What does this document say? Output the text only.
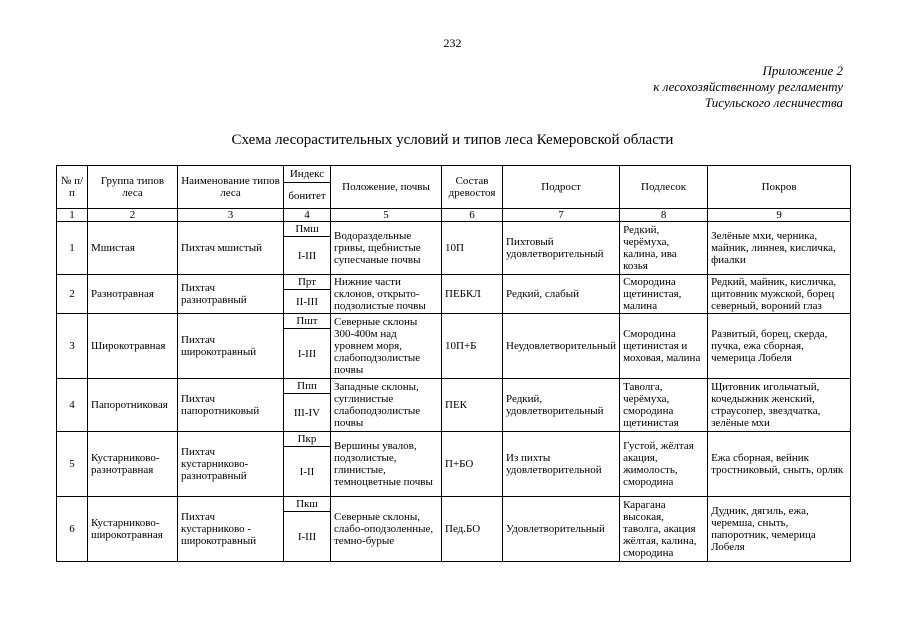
232
Приложение 2
к лесохозяйственному регламенту
Тисульского лесничества
Схема лесорастительных условий и типов леса Кемеровской области
№ п/п	Группа типов леса	Наименование типов леса	Индекс	Положение, почвы	Состав древостоя	Подрост	Подлесок	Покров
			бонитет					
1	2	3	4	5	6	7	8	9
1	Мшистая	Пихтач мшистый	Пмш	Водораздельные гривы, щебнистые супесчаные почвы	10П	Пихтовый удовлетворительный	Редкий, черёмуха, калина, ива козья	Зелёные мхи, черника, майник, линнея, кисличка, фиалки
			I-III					
2	Разнотравная	Пихтач разнотравный	Прт	Нижние части склонов, открыто-подзолистые почвы	ПЕБКЛ	Редкий, слабый	Смородина щетинистая, малина	Редкий, майник, кисличка, щитовник мужской, борец северный, вороний глаз
			II-III					
3	Широкотравная	Пихтач широкотравный	Пшт	Северные склоны 300-400м над уровнем моря, слабоподзолистые почвы	10П+Б	Неудовлетворительный	Смородина щетинистая и моховая, малина	Развитый, борец, скерда, пучка, ежа сборная, чемерица Лобеля
			I-III					
4	Папоротниковая	Пихтач папоротниковый	Ппп	Западные склоны, суглинистые слабоподзолистые почвы	ПЕК	Редкий, удовлетворительный	Таволга, черёмуха, смородина щетинистая	Щитовник игольчатый, кочедыжник женский, страусопер, звездчатка, зелёные мхи
			III-IV					
5	Кустарниково-разнотравная	Пихтач кустарниково-разнотравный	Пкр	Вершины увалов, подзолистые, глинистые, темноцветные почвы	П+БО	Из пихты удовлетворительной	Густой, жёлтая акация, жимолость, смородина	Ежа сборная, вейник тростниковый, сныть, орляк
			I-II					
6	Кустарниково-широкотравная	Пихтач кустарниково - широкотравный	Пкш	Северные склоны, слабо-оподзоленные, темно-бурые	Пед.БО	Удовлетворительный	Карагана высокая, таволга, акация жёлтая, калина, смородина	Дудник, дягиль, ежа, черемша, сныть, папоротник, чемерица Лобеля
			I-III					
